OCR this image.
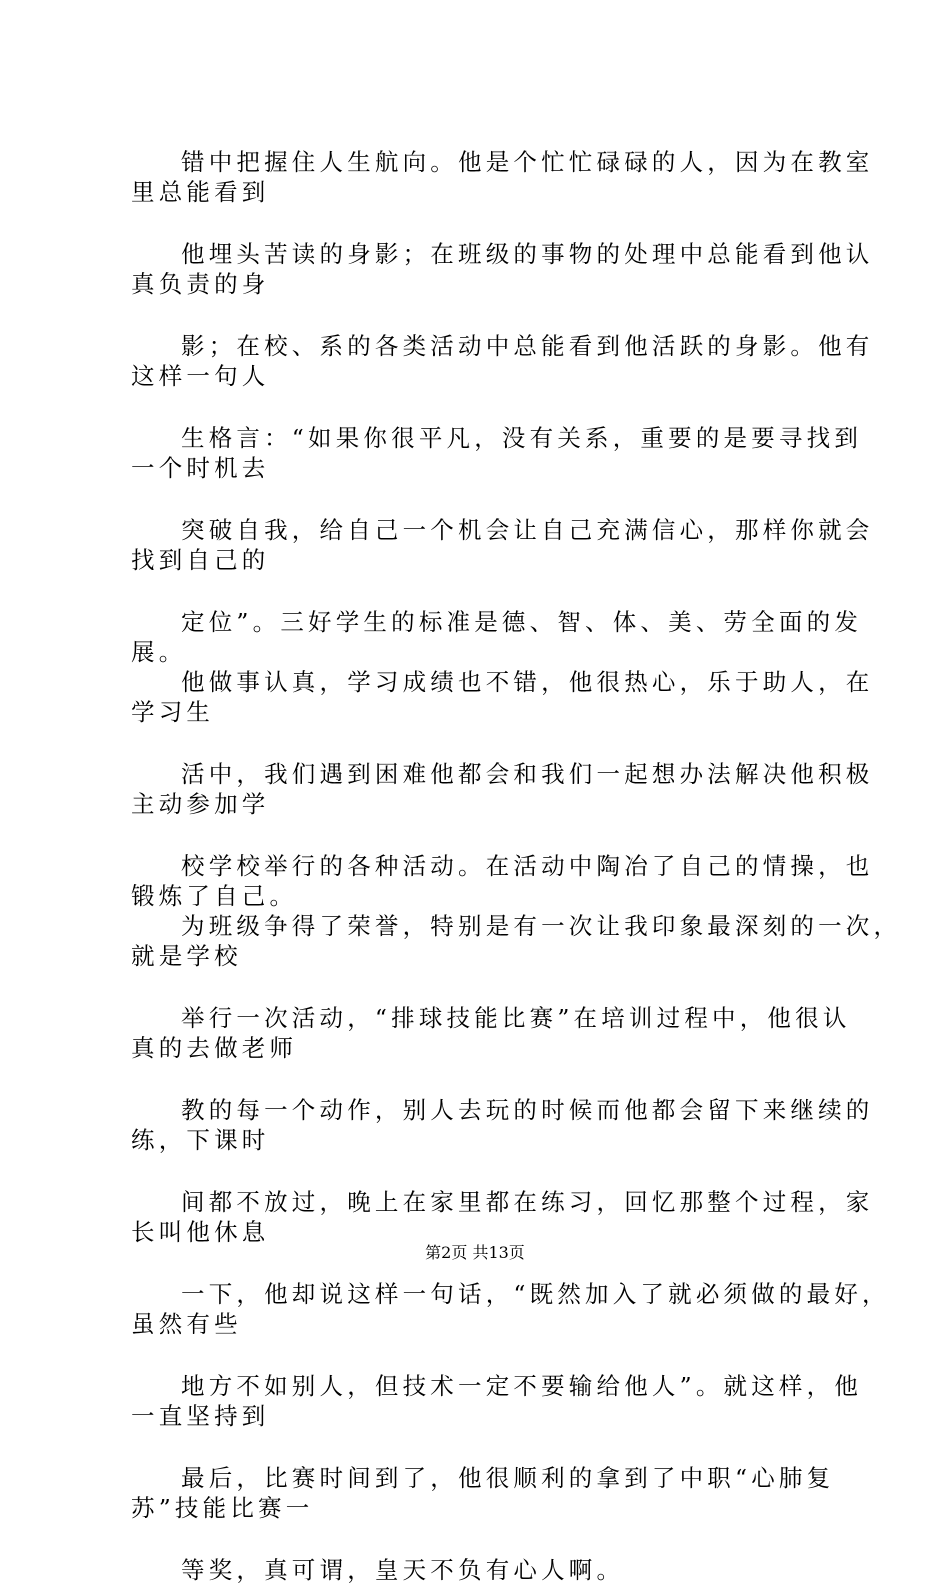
错中把握住人生航向。他是个忙忙碌碌的人，因为在教室
里总能看到
他埋头苦读的身影；在班级的事物的处理中总能看到他认
真负责的身
影；在校、系的各类活动中总能看到他活跃的身影。他有
这样一句人
生格言：“如果你很平凡，没有关系，重要的是要寻找到
一个时机去
突破自我，给自己一个机会让自己充满信心，那样你就会
找到自己的
定位”。三好学生的标准是德、智、体、美、劳全面的发
展。
他做事认真，学习成绩也不错，他很热心，乐于助人，在
学习生
活中，我们遇到困难他都会和我们一起想办法解决他积极
主动参加学
校学校举行的各种活动。在活动中陶冶了自己的情操，也
锻炼了自己。
为班级争得了荣誉，特别是有一次让我印象最深刻的一次，
就是学校
举行一次活动，“排球技能比赛”在培训过程中，他很认
真的去做老师
教的每一个动作，别人去玩的时候而他都会留下来继续的
练，下课时
间都不放过，晚上在家里都在练习，回忆那整个过程，家
长叫他休息
一下，他却说这样一句话，“既然加入了就必须做的最好，
虽然有些
地方不如别人，但技术一定不要输给他人”。就这样，他
一直坚持到
最后，比赛时间到了，他很顺利的拿到了中职“心肺复
苏”技能比赛一
等奖，真可谓，皇天不负有心人啊。
第2页 共13页
